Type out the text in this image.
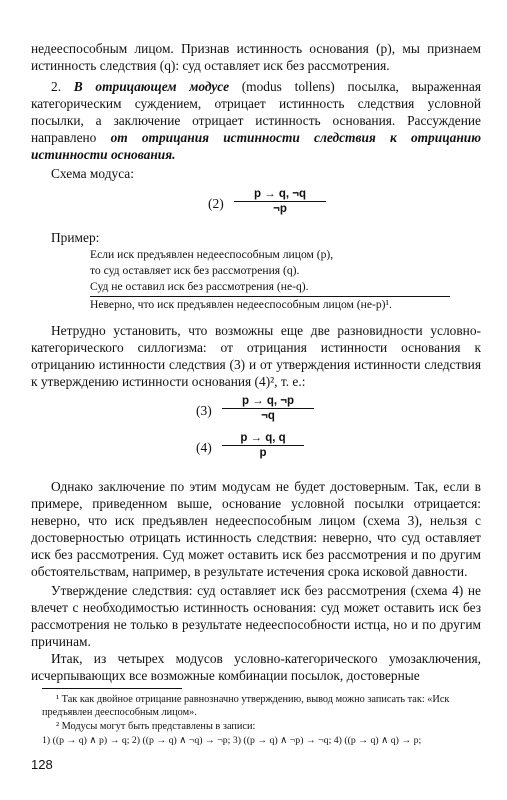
недееспособным лицом. Признав истинность основания (p), мы признаем истинность следствия (q): суд оставляет иск без рассмотрения.
2. В отрицающем модусе (modus tollens) посылка, выраженная категорическим суждением, отрицает истинность следствия условной посылки, а заключение отрицает истинность основания. Рассуждение направлено от отрицания истинности следствия к отрицанию истинности основания.
Схема модуса:
$(2) \frac{p \to q, \neg q}{\neg p}$
Пример:
Если иск предъявлен недееспособным лицом (p),
то суд оставляет иск без рассмотрения (q).
Суд не оставил иск без рассмотрения (не-q).
Неверно, что иск предъявлен недееспособным лицом (не-p)¹.
Нетрудно установить, что возможны еще две разновидности условно-категорического силлогизма: от отрицания истинности основания к отрицанию истинности следствия (3) и от утверждения истинности следствия к утверждению истинности основания (4)², т. е.:
$(3) \frac{p \to q, \neg p}{\neg q}$
$(4) \frac{p \to q, q}{p}$
Однако заключение по этим модусам не будет достоверным. Так, если в примере, приведенном выше, основание условной посылки отрицается: неверно, что иск предъявлен недееспособным лицом (схема 3), нельзя с достоверностью отрицать истинность следствия: неверно, что суд оставляет иск без рассмотрения. Суд может оставить иск без рассмотрения и по другим обстоятельствам, например, в результате истечения срока исковой давности.
Утверждение следствия: суд оставляет иск без рассмотрения (схема 4) не влечет с необходимостью истинность основания: суд может оставить иск без рассмотрения не только в результате недееспособности истца, но и по другим причинам.
Итак, из четырех модусов условно-категорического умозаключения, исчерпывающих все возможные комбинации посылок, достоверные
¹ Так как двойное отрицание равнозначно утверждению, вывод можно записать так: «Иск предъявлен дееспособным лицом».
² Модусы могут быть представлены в записи:
1) ((p → q) ∧ p) → q; 2) ((p → q) ∧ ¬q) → ¬p; 3) ((p → q) ∧ ¬p) → ¬q; 4) ((p → q) ∧ q) → p;
128
